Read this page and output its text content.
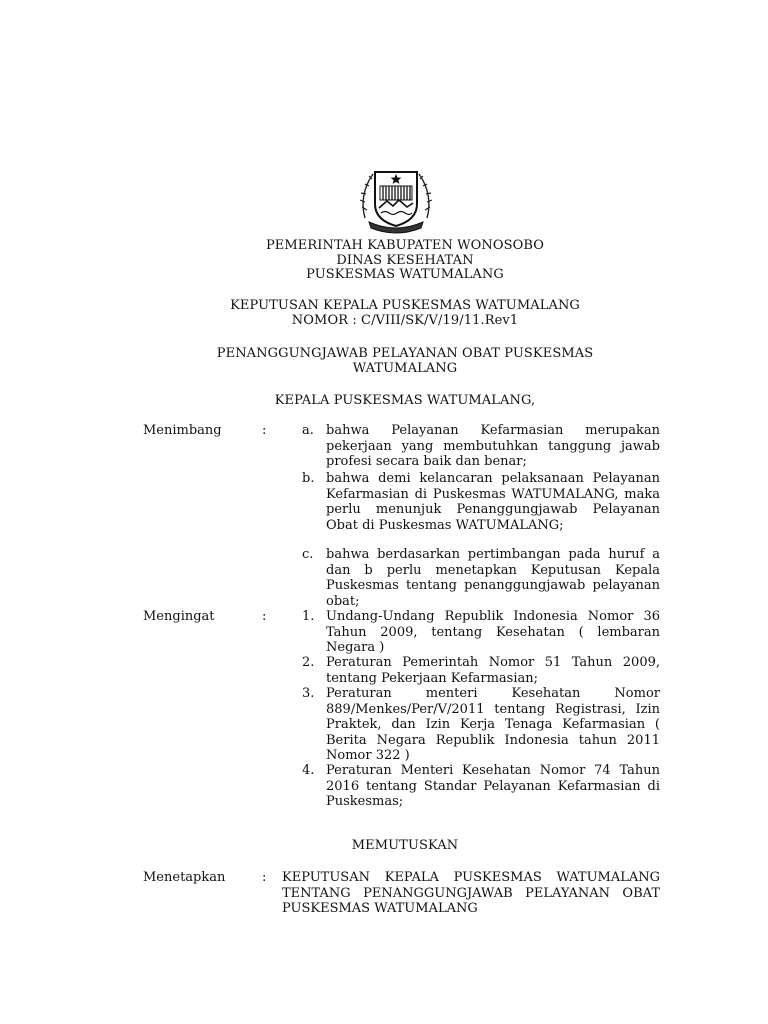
PEMERINTAH KABUPATEN WONOSOBO
DINAS KESEHATAN
PUSKESMAS WATUMALANG
KEPUTUSAN KEPALA PUSKESMAS WATUMALANG
NOMOR : C/VIII/SK/V/19/11.Rev1
PENANGGUNGJAWAB PELAYANAN OBAT PUSKESMAS
WATUMALANG
KEPALA PUSKESMAS WATUMALANG,
Menimbang	:	a. bahwa Pelayanan Kefarmasian merupakan pekerjaan yang membutuhkan tanggung jawab profesi secara baik dan benar;
b. bahwa demi kelancaran pelaksanaan Pelayanan Kefarmasian di Puskesmas WATUMALANG, maka perlu menunjuk Penanggungjawab Pelayanan Obat di Puskesmas WATUMALANG;
c. bahwa berdasarkan pertimbangan pada huruf a dan b perlu menetapkan Keputusan Kepala Puskesmas tentang penanggungjawab pelayanan obat;
Mengingat	:	1. Undang-Undang Republik Indonesia Nomor 36 Tahun 2009, tentang Kesehatan ( lembaran Negara )
2. Peraturan Pemerintah Nomor 51 Tahun 2009, tentang Pekerjaan Kefarmasian;
3. Peraturan menteri Kesehatan Nomor 889/Menkes/Per/V/2011 tentang Registrasi, Izin Praktek, dan Izin Kerja Tenaga Kefarmasian ( Berita Negara Republik Indonesia tahun 2011 Nomor 322 )
4. Peraturan Menteri Kesehatan Nomor 74 Tahun 2016 tentang Standar Pelayanan Kefarmasian di Puskesmas;
MEMUTUSKAN
Menetapkan	: KEPUTUSAN KEPALA PUSKESMAS WATUMALANG TENTANG PENANGGUNGJAWAB PELAYANAN OBAT PUSKESMAS WATUMALANG
